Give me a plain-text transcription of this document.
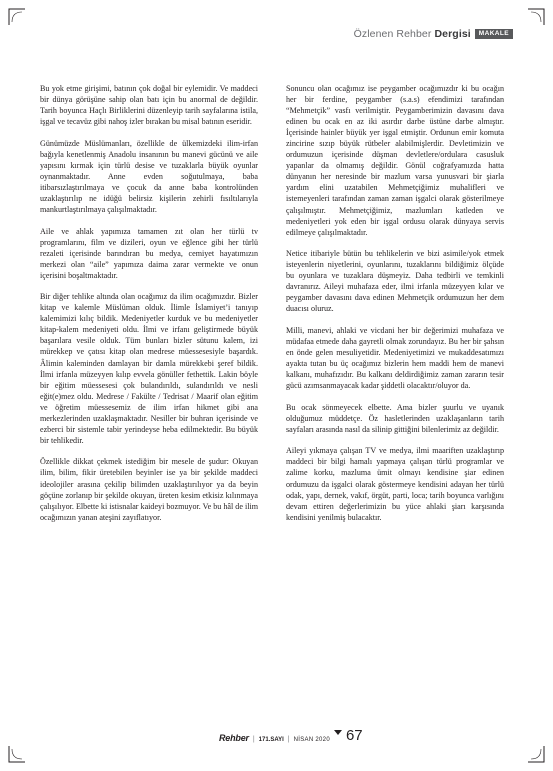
Özlenen Rehber Dergisi	MAKALE

Bu yok etme girişimi, batının çok doğal bir eylemidir. Ve maddeci bir dünya görüşüne sahip olan batı için bu anormal de değildir. Tarih boyunca Haçlı Birliklerini düzenleyip tarih sayfalarına istila, işgal ve tecavüz gibi nahoş izler bırakan bu misal batının eseridir.

Günümüzde Müslümanları, özellikle de ülkemizdeki ilim-irfan bağıyla kenetlenmiş Anadolu insanının bu manevi gücünü ve aile yapısını kırmak için türlü desise ve tuzaklarla büyük oyunlar oynanmaktadır. Anne evden soğutulmaya, baba itibarsızlaştırılmaya ve çocuk da anne baba kontrolünden uzaklaştırılıp ne idüğü belirsiz kişilerin zehirli fısıltılarıyla mankurtlaştırılmaya çalışılmaktadır.

Aile ve ahlak yapımıza tamamen zıt olan her türlü tv programlarını, film ve dizileri, oyun ve eğlence gibi her türlü rezaleti içerisinde barındıran bu medya, cemiyet hayatımızın merkezi olan “aile” yapımıza daima zarar vermekte ve onun içerisini boşaltmaktadır.

Bir diğer tehlike altında olan ocağımız da ilim ocağımızdır. Bizler kitap ve kalemle Müslüman olduk. İlimle İslamiyet’i tanıyıp kalemimizi kılıç bildik. Medeniyetler kurduk ve bu medeniyetler kitap-kalem medeniyeti oldu. İlmi ve irfanı geliştirmede büyük başarılara vesile olduk. Tüm bunları bizler sütunu kalem, izi mürekkep ve çatısı kitap olan medrese müessesesiyle başardık. Âlimin kaleminden damlayan bir damla mürekkebi şeref bildik. İlmi irfanla müzeyyen kılıp evvela gönüller fethettik. Lakin böyle bir eğitim müessesesi çok bulandırıldı, sulandırıldı ve nesli eğit(e)mez oldu. Medrese / Fakülte / Tedrisat / Maarif olan eğitim ve öğretim müessesemiz de ilim irfan hikmet gibi ana merkezlerinden uzaklaşmaktadır. Nesiller bir buhran içerisinde ve ezberci bir sistemle tabir yerindeyse heba edilmektedir. Bu büyük bir tehlikedir.

Özellikle dikkat çekmek istediğim bir mesele de şudur: Okuyan ilim, bilim, fikir üretebilen beyinler ise ya bir şekilde maddeci ideolojiler arasına çekilip bilimden uzaklaştırılıyor ya da beyin göçüne zorlanıp bir şekilde okuyan, üreten kesim etkisiz kılınmaya çalışılıyor. Elbette ki istisnalar kaideyi bozmuyor. Ve bu hâl de ilim ocağımızın yanan ateşini zayıflatıyor.

Sonuncu olan ocağımız ise peygamber ocağımızdır ki bu ocağın her bir ferdine, peygamber (s.a.s) efendimizi tarafından “Mehmetçik” vasfı verilmiştir. Peygamberimizin davasını dava edinen bu ocak en az iki asırdır darbe üstüne darbe almıştır. İçerisinde hainler büyük yer işgal etmiştir. Ordunun emir komuta zincirine sızıp büyük rütbeler alabilmişlerdir. Devletimizin ve ordumuzun içerisinde düşman devletlere/ordulara casusluk yapanlar da olmamış değildir. Gönül coğrafyamızda hatta dünyanın her neresinde bir mazlum varsa yunusvari bir şiarla yardım elini uzatabilen Mehmetçiğimiz muhalifleri ve istemeyenleri tarafından zaman zaman işgalci olarak gösterilmeye çalışılmıştır. Mehmetçiğimiz, mazlumları katleden ve medeniyetleri yok eden bir işgal ordusu olarak dünyaya servis edilmeye çalışılmaktadır.

Netice itibariyle bütün bu tehlikelerin ve bizi asimile/yok etmek isteyenlerin niyetlerini, oyunlarını, tuzaklarını bildiğimiz ölçüde bu oyunlara ve tuzaklara düşmeyiz. Daha tedbirli ve temkinli davranırız. Aileyi muhafaza eder, ilmi irfanla müzeyyen kılar ve peygamber davasını dava edinen Mehmetçik ordumuzun her dem duacısı oluruz.

Milli, manevi, ahlaki ve vicdani her bir değerimizi muhafaza ve müdafaa etmede daha gayretli olmak zorundayız. Bu her bir şahsın en önde gelen mesuliyetidir. Medeniyetimizi ve mukaddesatımızı ayakta tutan bu üç ocağımız bizlerin hem maddi hem de manevi kalkanı, muhafızıdır. Bu kalkanı deldirdiğimiz zaman zararın tesir gücü azımsanmayacak kadar şiddetli olacaktır/oluyor da.

Bu ocak sönmeyecek elbette. Ama bizler şuurlu ve uyanık olduğumuz müddetçe. Öz hasletlerinden uzaklaşanların tarih sayfaları arasında nasıl da silinip gittiğini bilenlerimiz az değildir.

Aileyi yıkmaya çalışan TV ve medya, ilmi maariften uzaklaştırıp maddeci bir bilgi hamalı yapmaya çalışan türlü programlar ve zalime korku, mazluma ümit olmayı kendisine şiar edinen ordumuzu da işgalci olarak göstermeye kendisini adayan her türlü odak, yapı, dernek, vakıf, örgüt, parti, loca; tarih boyunca varlığını devam ettiren değerlerimizin bu yüce ahlaki şiarı karşısında kendisini yenilmiş bulacaktır.

Rehber | 171.SAYI | NİSAN 2020 67
